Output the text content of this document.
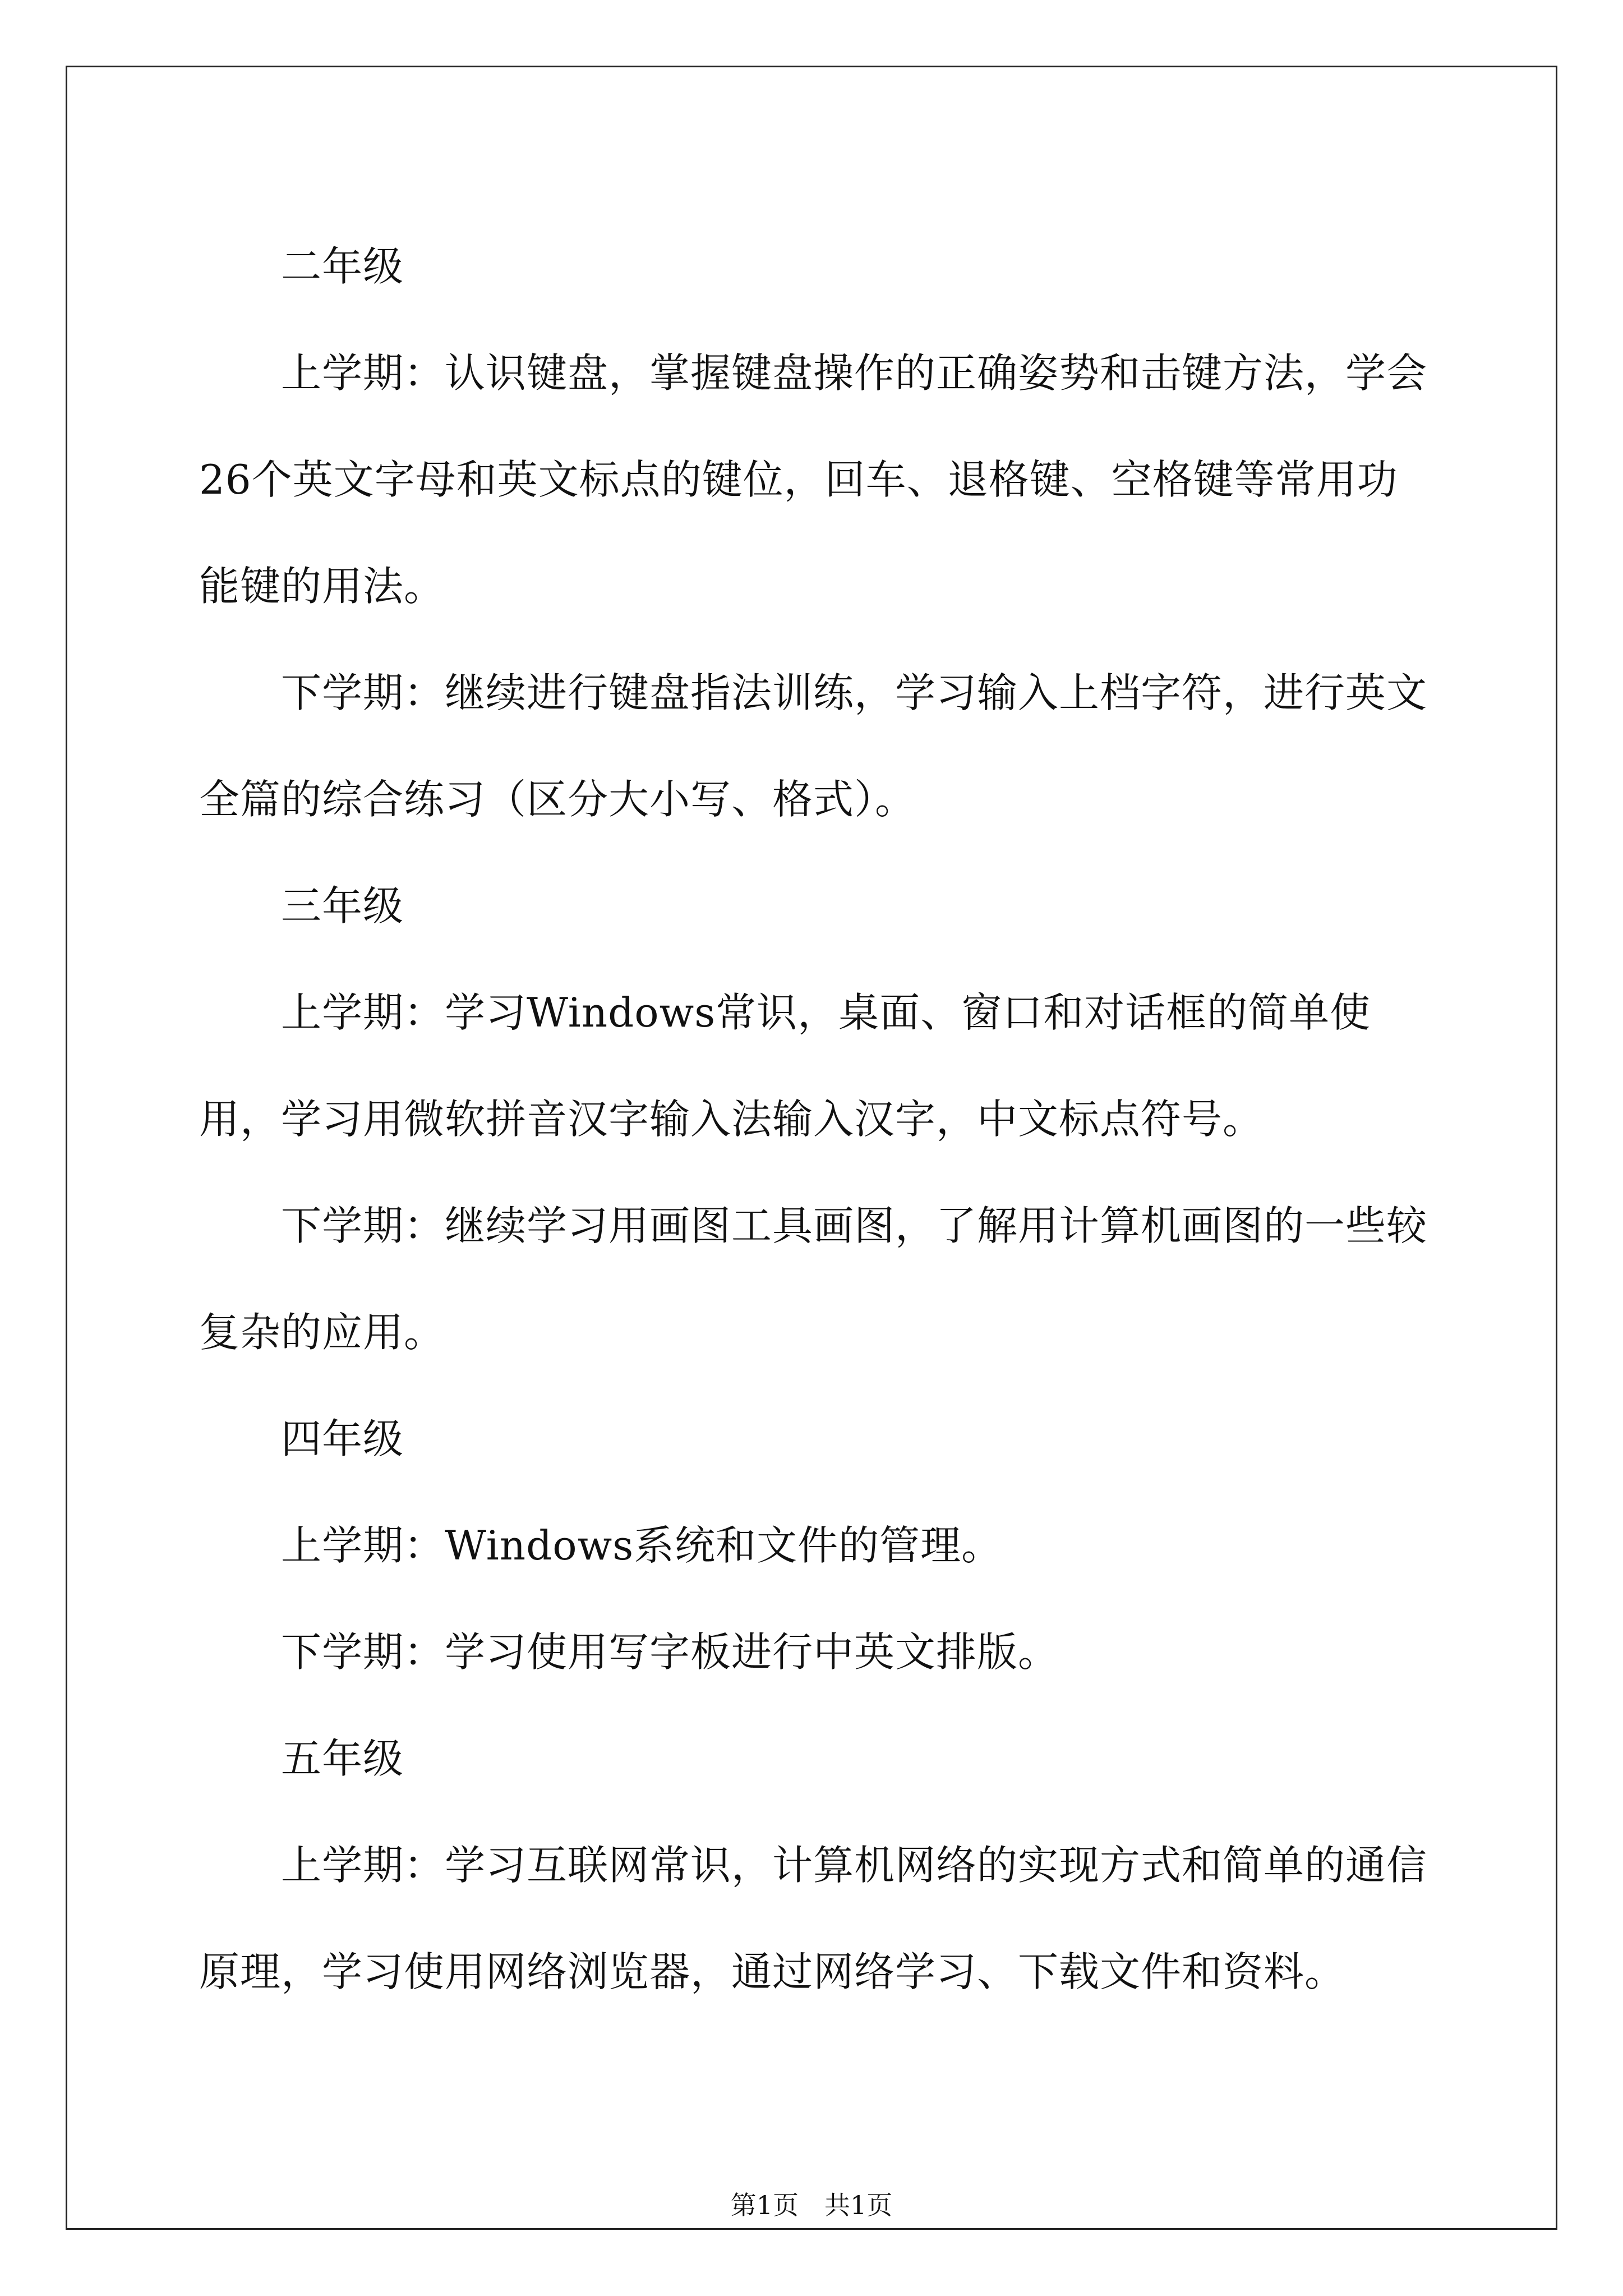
二年级

上学期：认识键盘，掌握键盘操作的正确姿势和击键方法，学会26个英文字母和英文标点的键位，回车、退格键、空格键等常用功能键的用法。

下学期：继续进行键盘指法训练，学习输入上档字符，进行英文全篇的综合练习（区分大小写、格式）。

三年级

上学期：学习Windows常识，桌面、窗口和对话框的简单使用，学习用微软拼音汉字输入法输入汉字，中文标点符号。

下学期：继续学习用画图工具画图，了解用计算机画图的一些较复杂的应用。

四年级

上学期：Windows系统和文件的管理。

下学期：学习使用写字板进行中英文排版。

五年级

上学期：学习互联网常识，计算机网络的实现方式和简单的通信原理，学习使用网络浏览器，通过网络学习、下载文件和资料。

第1页　共1页
